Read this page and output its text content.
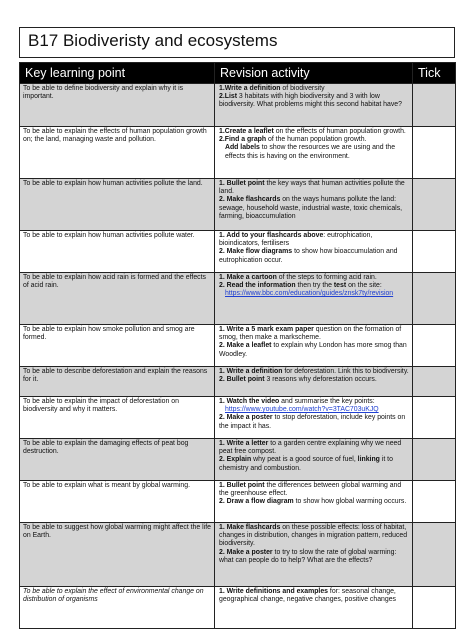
B17 Biodiveristy and ecosystems
Key learning point	Revision activity	Tick
To be able to define biodiversity and explain why it is important.	1.Write a definition of biodiversity
2.List 3 habitats with high biodiversity and 3 with low biodiversity. What problems might this second habitat have?	

To be able to explain the effects of human population growth on; the land, managing waste and pollution.	1.Create a leaflet on the effects of human population growth.
2.Find a graph of the human population growth.
Add labels to show the resources we are using and the effects this is having on the environment.	

To be able to explain how human activities pollute the land.	1. Bullet point the key ways that human activities pollute the land.
2. Make flashcards on the ways humans pollute the land: sewage, household waste, industrial waste, toxic chemicals, farming, bioaccumulation	

To be able to explain how human activities pollute water.	1. Add to your flashcards above: eutrophication, bioindicators, fertilisers
2. Make flow diagrams to show how bioaccumulation and eutrophication occur.	

To be able to explain how acid rain is formed and the effects of acid rain.	1. Make a cartoon of the steps to forming acid rain.
2. Read the information then try the test on the site:
https://www.bbc.com/education/guides/znsk7ty/revision	

To be able to explain how smoke pollution and smog are formed.	1. Write a 5 mark exam paper question on the formation of smog, then make a markscheme.
2. Make a leaflet to explain why London has more smog than Woodley.	

To be able to describe deforestation and explain the reasons for it.	1. Write a definition for deforestation. Link this to biodiversity.
2. Bullet point 3 reasons why deforestation occurs.	

To be able to explain the impact of deforestation on biodiversity and why it matters.	1. Watch the video and summarise the key points:
https://www.youtube.com/watch?v=3TAC703uKJQ
2. Make a poster to stop deforestation, include key points on the impact it has.	

To be able to explain the damaging effects of peat bog destruction.	1. Write a letter to a garden centre explaining why we need peat free compost.
2. Explain why peat is a good source of fuel, linking it to chemistry and combustion.	

To be able to explain what is meant by global warming.	1. Bullet point the differences between global warming and the greenhouse effect.
2. Draw a flow diagram to show how global warming occurs.	

To be able to suggest how global warming might affect the life on Earth.	1. Make flashcards on these possible effects: loss of habitat, changes in distribution, changes in migration pattern, reduced biodiversity.
2. Make a poster to try to slow the rate of global warming: what can people do to help? What are the effects?	

To be able to explain the effect of environmental change on distribution of organisms	1. Write definitions and examples for: seasonal change, geographical change, negative changes, positive changes	
